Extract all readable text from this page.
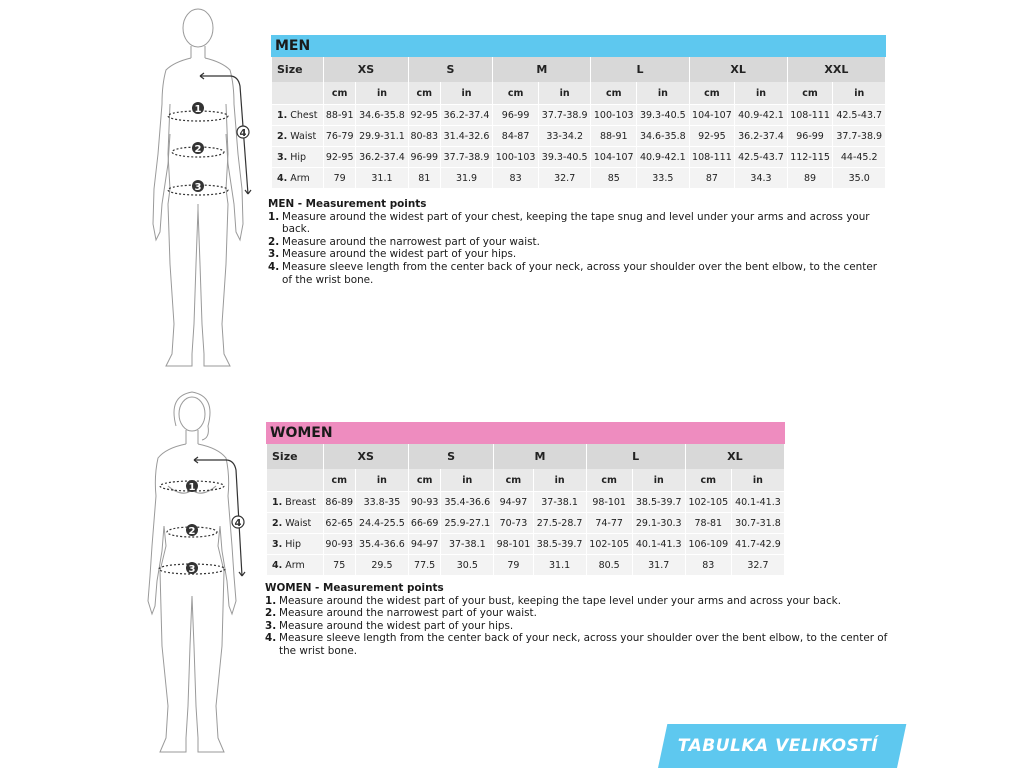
1
2
3
4
MEN
Size	XS		S		M		L		XL		XXL	
	cm	in	cm	in	cm	in	cm	in	cm	in	cm	in
1. Chest	88-91	34.6-35.8	92-95	36.2-37.4	96-99	37.7-38.9	100-103	39.3-40.5	104-107	40.9-42.1	108-111	42.5-43.7
2. Waist	76-79	29.9-31.1	80-83	31.4-32.6	84-87	33-34.2	88-91	34.6-35.8	92-95	36.2-37.4	96-99	37.7-38.9
3. Hip	92-95	36.2-37.4	96-99	37.7-38.9	100-103	39.3-40.5	104-107	40.9-42.1	108-111	42.5-43.7	112-115	44-45.2
4. Arm	79	31.1	81	31.9	83	32.7	85	33.5	87	34.3	89	35.0
MEN - Measurement points
1. Measure around the widest part of your chest, keeping the tape snug and level under your arms and across your back.
2. Measure around the narrowest part of your waist.
3. Measure around the widest part of your hips.
4. Measure sleeve length from the center back of your neck, across your shoulder over the bent elbow, to the center of the wrist bone.
1
2
3
4
WOMEN
Size	XS		S		M		L		XL	
	cm	in	cm	in	cm	in	cm	in	cm	in
1. Breast	86-89	33.8-35	90-93	35.4-36.6	94-97	37-38.1	98-101	38.5-39.7	102-105	40.1-41.3
2. Waist	62-65	24.4-25.5	66-69	25.9-27.1	70-73	27.5-28.7	74-77	29.1-30.3	78-81	30.7-31.8
3. Hip	90-93	35.4-36.6	94-97	37-38.1	98-101	38.5-39.7	102-105	40.1-41.3	106-109	41.7-42.9
4. Arm	75	29.5	77.5	30.5	79	31.1	80.5	31.7	83	32.7
WOMEN - Measurement points
1. Measure around the widest part of your bust, keeping the tape level under your arms and across your back.
2. Measure around the narrowest part of your waist.
3. Measure around the widest part of your hips.
4. Measure sleeve length from the center back of your neck, across your shoulder over the bent elbow, to the center of the wrist bone.
TABULKA VELIKOSTÍ
